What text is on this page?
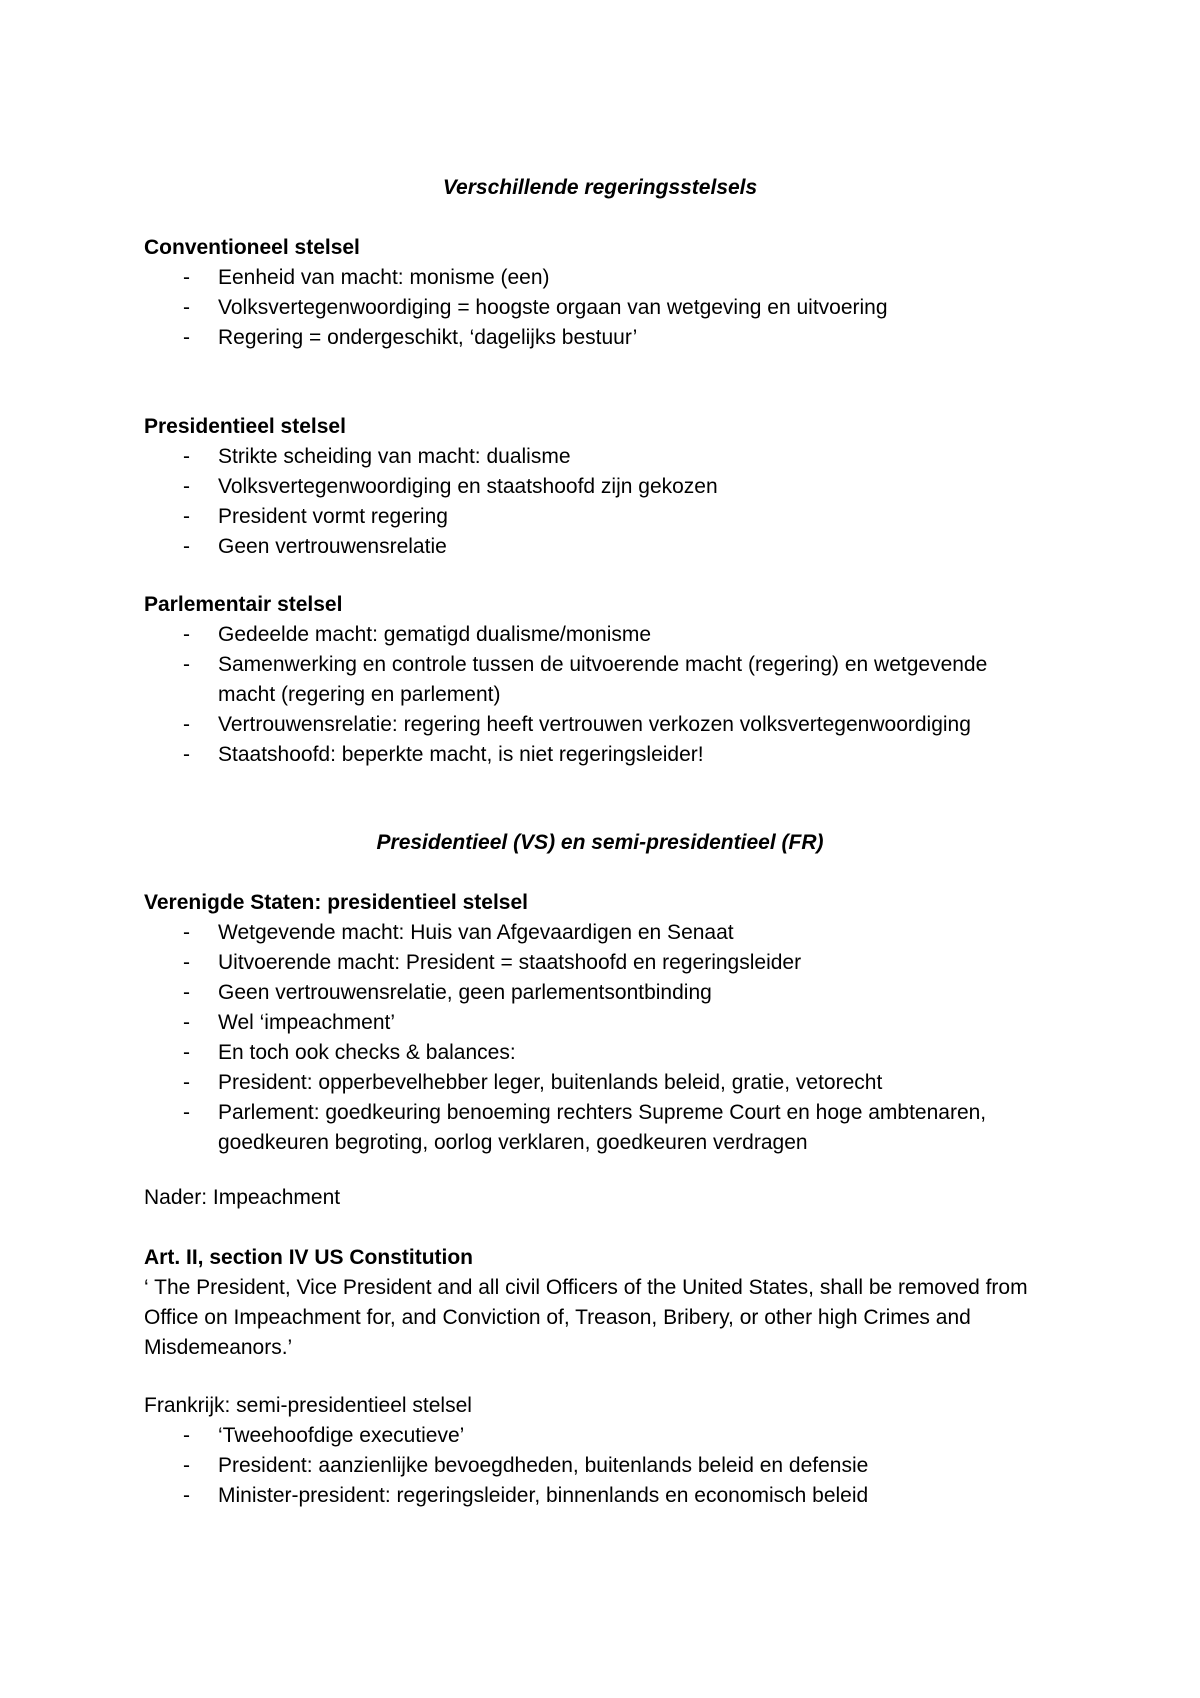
Verschillende regeringsstelsels
Conventioneel stelsel
- Eenheid van macht: monisme (een)
- Volksvertegenwoordiging = hoogste orgaan van wetgeving en uitvoering
- Regering = ondergeschikt, ‘dagelijks bestuur’
Presidentieel stelsel
- Strikte scheiding van macht: dualisme
- Volksvertegenwoordiging en staatshoofd zijn gekozen
- President vormt regering
- Geen vertrouwensrelatie
Parlementair stelsel
- Gedeelde macht: gematigd dualisme/monisme
- Samenwerking en controle tussen de uitvoerende macht (regering) en wetgevende macht (regering en parlement)
- Vertrouwensrelatie: regering heeft vertrouwen verkozen volksvertegenwoordiging
- Staatshoofd: beperkte macht, is niet regeringsleider!
Presidentieel (VS) en semi-presidentieel (FR)
Verenigde Staten: presidentieel stelsel
- Wetgevende macht: Huis van Afgevaardigen en Senaat
- Uitvoerende macht: President = staatshoofd en regeringsleider
- Geen vertrouwensrelatie, geen parlementsontbinding
- Wel ‘impeachment’
- En toch ook checks & balances:
- President: opperbevelhebber leger, buitenlands beleid, gratie, vetorecht
- Parlement: goedkeuring benoeming rechters Supreme Court en hoge ambtenaren, goedkeuren begroting, oorlog verklaren, goedkeuren verdragen
Nader: Impeachment
Art. II, section IV US Constitution
‘ The President, Vice President and all civil Officers of the United States, shall be removed from Office on Impeachment for, and Conviction of, Treason, Bribery, or other high Crimes and Misdemeanors.’
Frankrijk: semi-presidentieel stelsel
- ‘Tweehoofdige executieve’
- President: aanzienlijke bevoegdheden, buitenlands beleid en defensie
- Minister-president: regeringsleider, binnenlands en economisch beleid
